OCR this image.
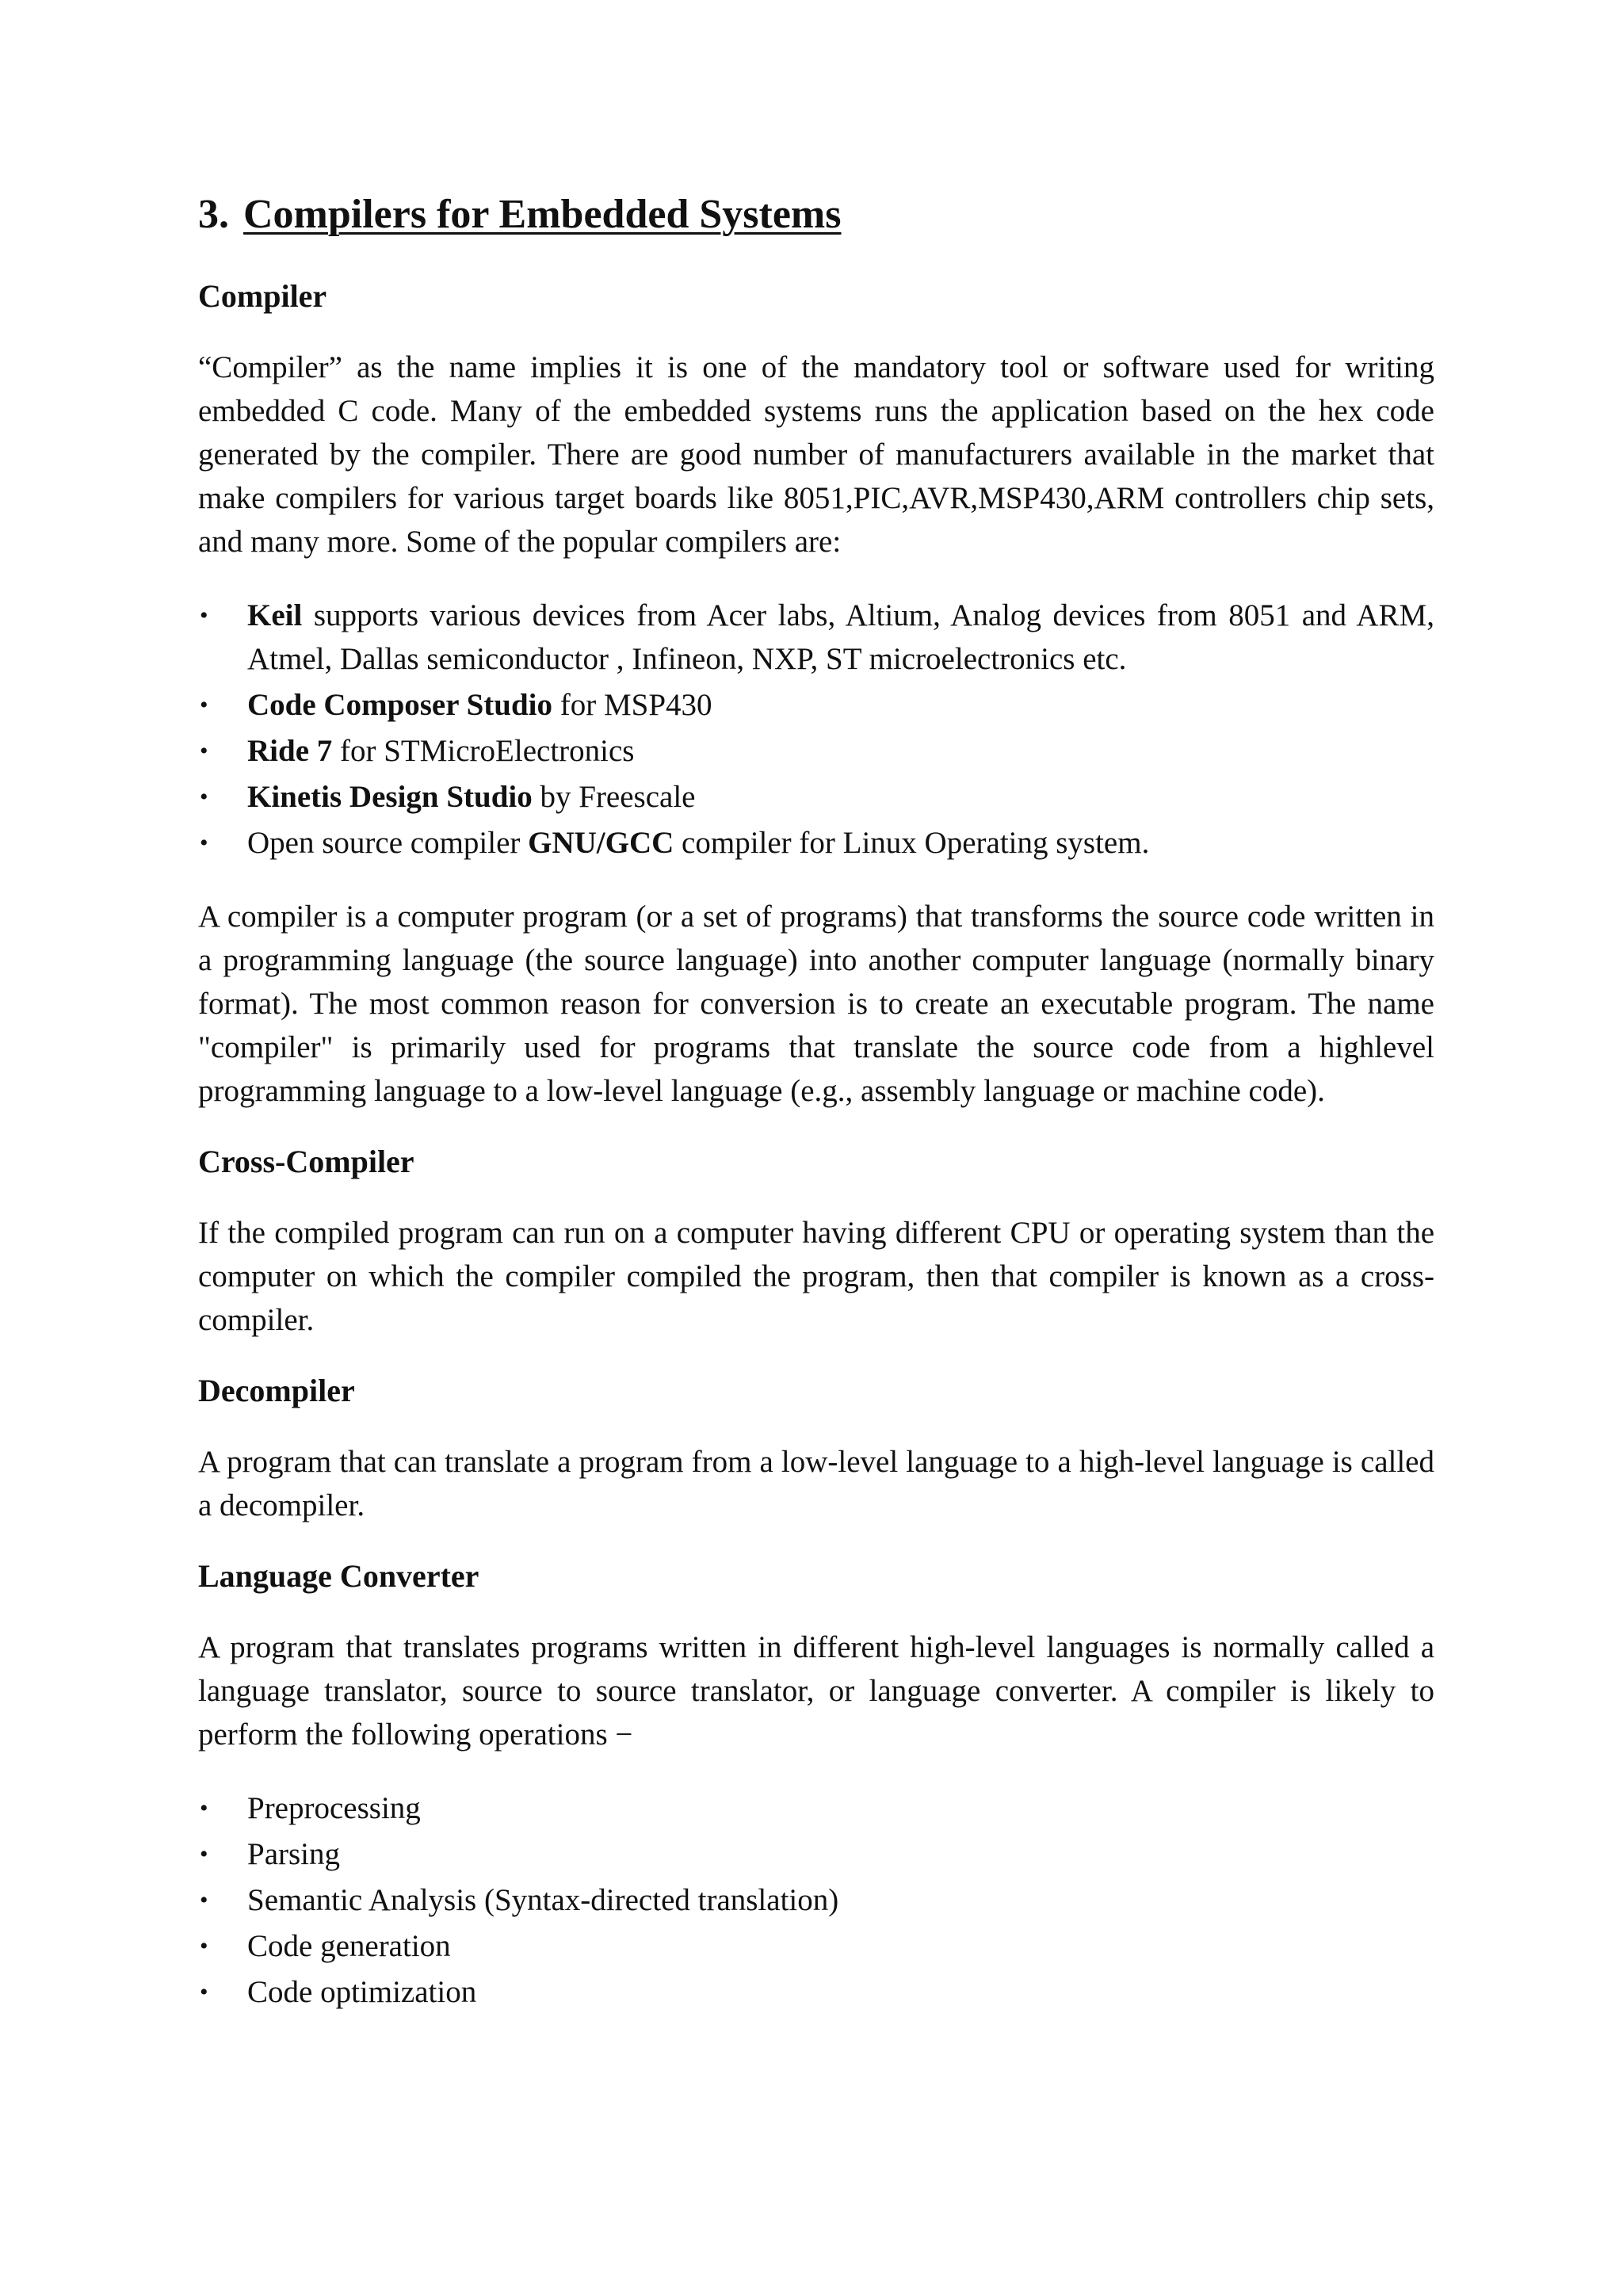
3. Compilers for Embedded Systems
Compiler

“Compiler” as the name implies it is one of the mandatory tool or software used for writing embedded C code. Many of the embedded systems runs the application based on the hex code generated by the compiler. There are good number of manufacturers available in the market that make compilers for various target boards like 8051,PIC,AVR,MSP430,ARM controllers chip sets, and many more. Some of the popular compilers are:

• Keil supports various devices from Acer labs, Altium, Analog devices from 8051 and ARM, Atmel, Dallas semiconductor , Infineon, NXP, ST microelectronics etc.
• Code Composer Studio for MSP430
• Ride 7 for STMicroElectronics
• Kinetis Design Studio by Freescale
• Open source compiler GNU/GCC compiler for Linux Operating system.

A compiler is a computer program (or a set of programs) that transforms the source code written in a programming language (the source language) into another computer language (normally binary format). The most common reason for conversion is to create an executable program. The name "compiler" is primarily used for programs that translate the source code from a highlevel programming language to a low-level language (e.g., assembly language or machine code).

Cross-Compiler

If the compiled program can run on a computer having different CPU or operating system than the computer on which the compiler compiled the program, then that compiler is known as a cross-compiler.

Decompiler

A program that can translate a program from a low-level language to a high-level language is called a decompiler.

Language Converter

A program that translates programs written in different high-level languages is normally called a language translator, source to source translator, or language converter. A compiler is likely to perform the following operations −

• Preprocessing
• Parsing
• Semantic Analysis (Syntax-directed translation)
• Code generation
• Code optimization
